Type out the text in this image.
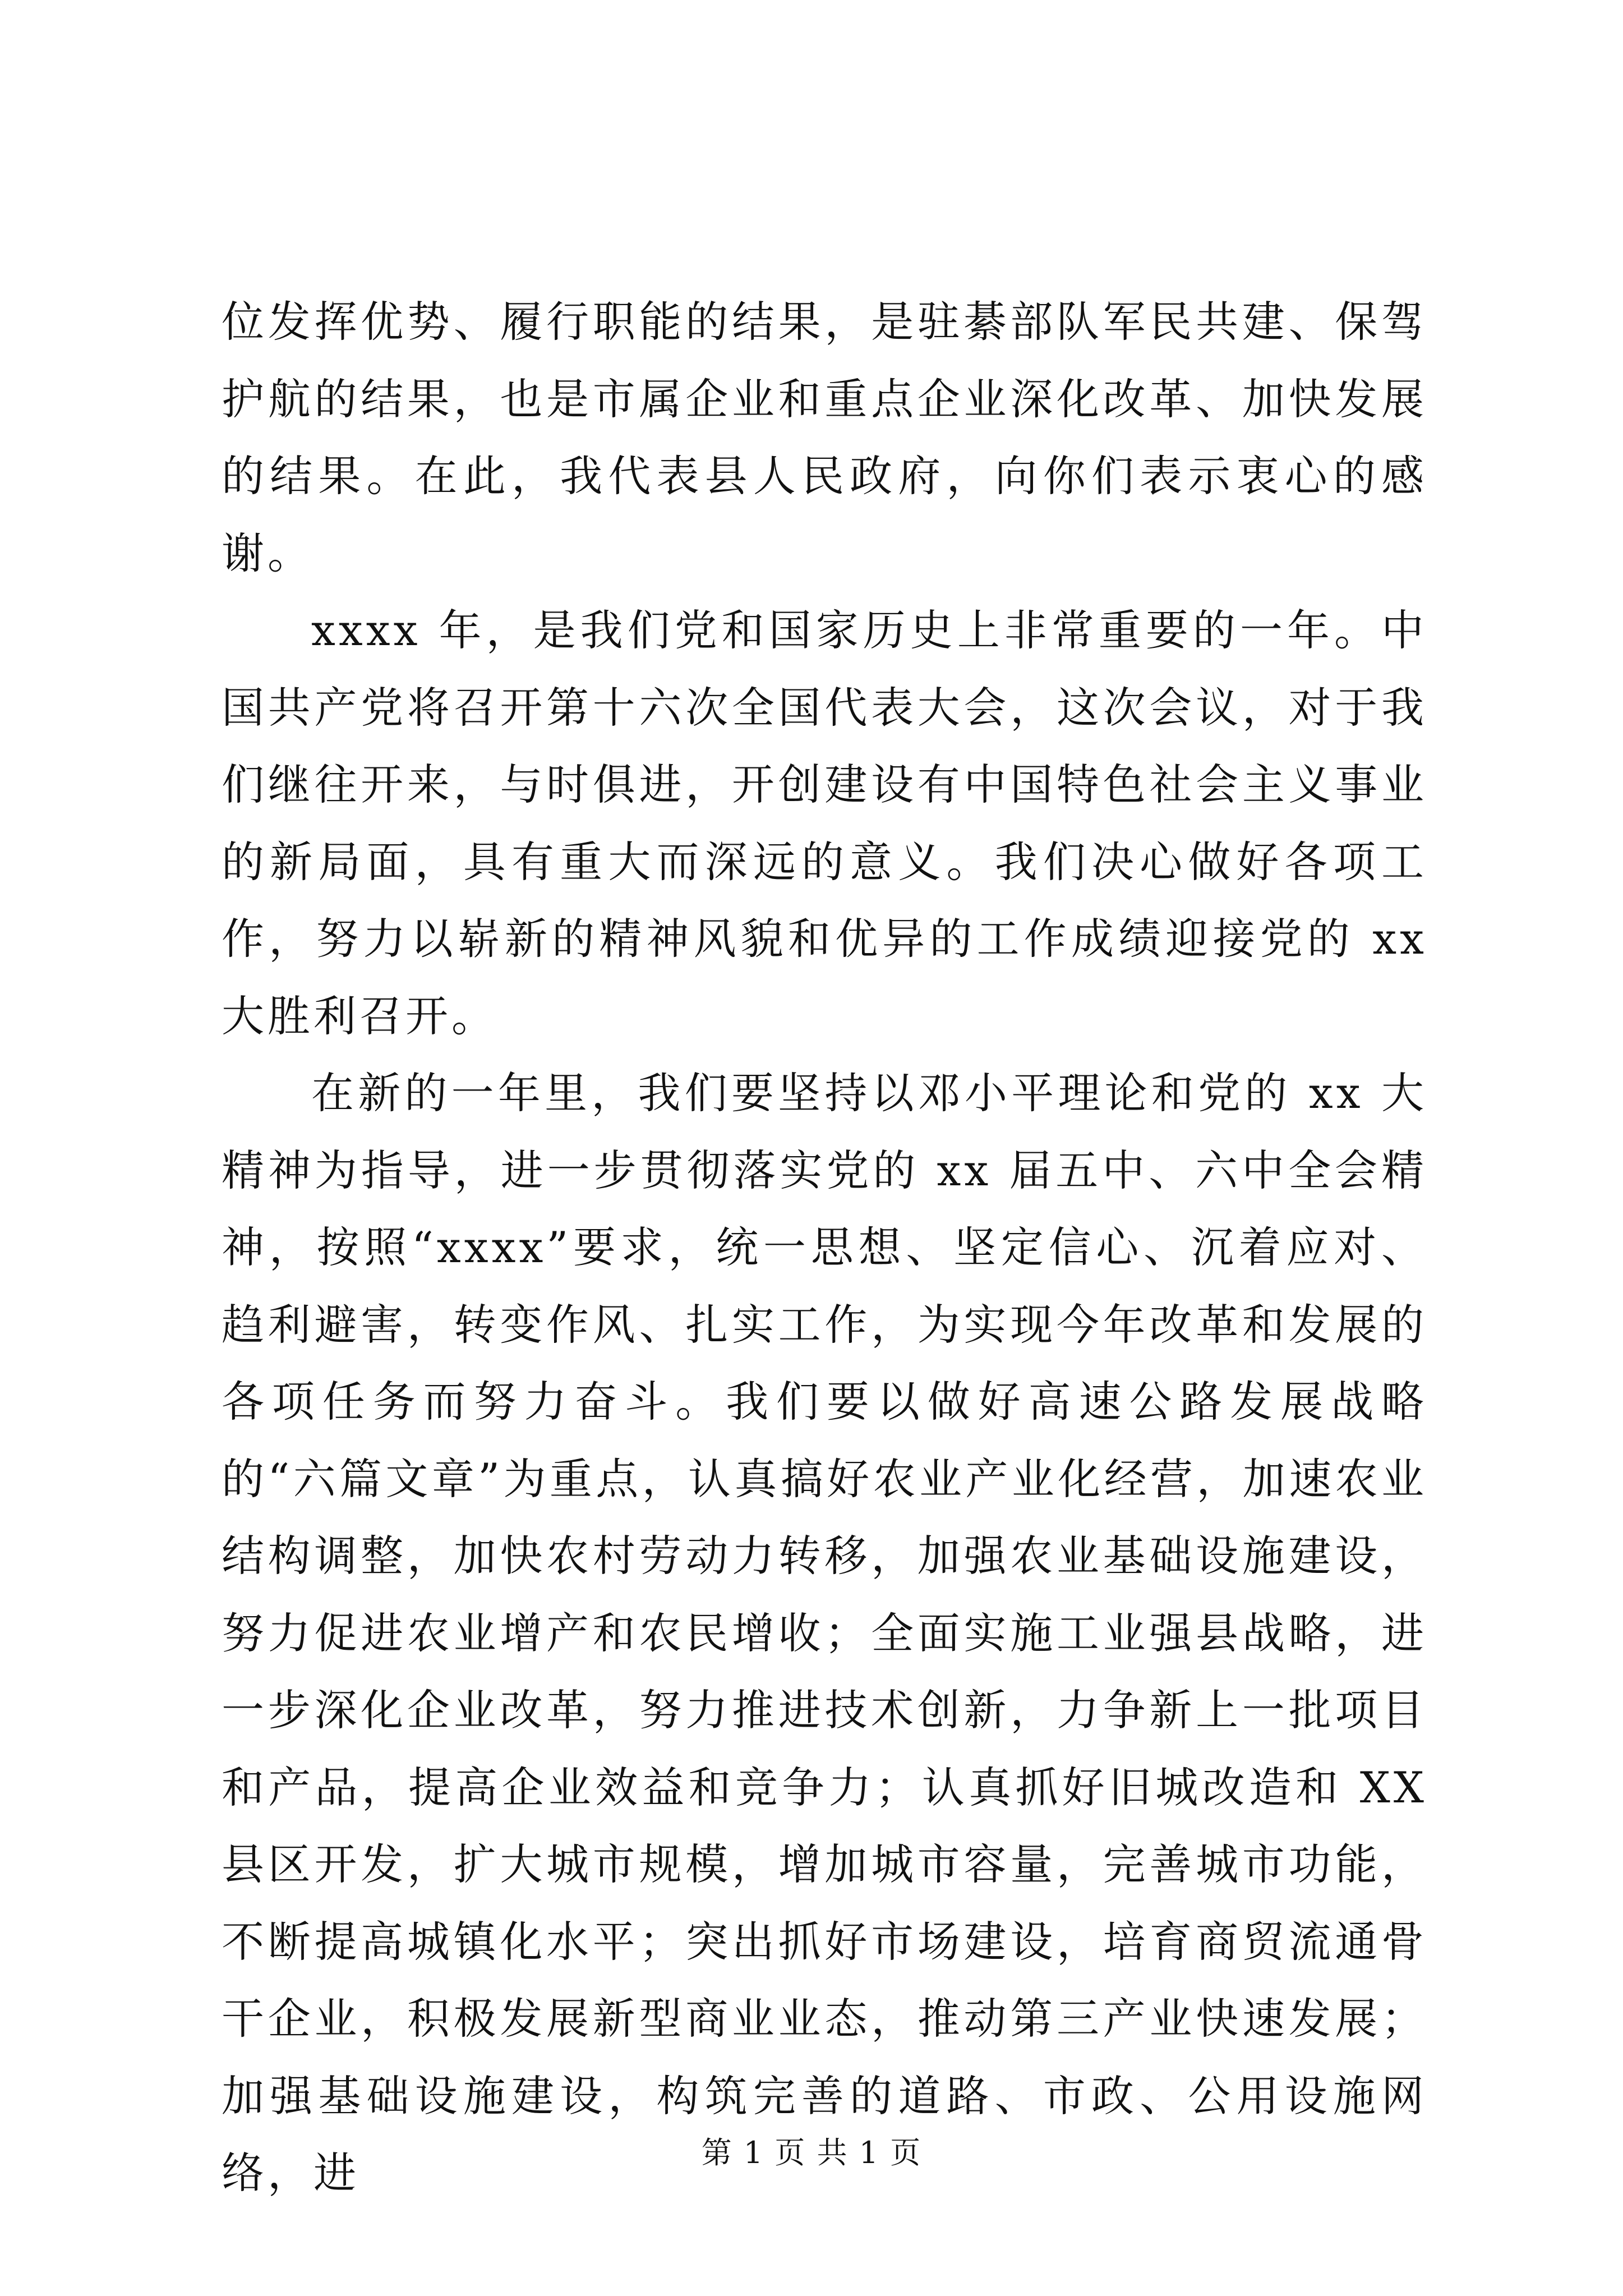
位发挥优势、履行职能的结果，是驻綦部队军民共建、保驾护航的结果，也是市属企业和重点企业深化改革、加快发展的结果。在此，我代表县人民政府，向你们表示衷心的感谢。

xxxx 年，是我们党和国家历史上非常重要的一年。中国共产党将召开第十六次全国代表大会，这次会议，对于我们继往开来，与时俱进，开创建设有中国特色社会主义事业的新局面，具有重大而深远的意义。我们决心做好各项工作，努力以崭新的精神风貌和优异的工作成绩迎接党的 xx 大胜利召开。

在新的一年里，我们要坚持以邓小平理论和党的 xx 大精神为指导，进一步贯彻落实党的 xx 届五中、六中全会精神，按照“xxxx”要求，统一思想、坚定信心、沉着应对、趋利避害，转变作风、扎实工作，为实现今年改革和发展的各项任务而努力奋斗。我们要以做好高速公路发展战略的“六篇文章”为重点，认真搞好农业产业化经营，加速农业结构调整，加快农村劳动力转移，加强农业基础设施建设，努力促进农业增产和农民增收；全面实施工业强县战略，进一步深化企业改革，努力推进技术创新，力争新上一批项目和产品，提高企业效益和竞争力；认真抓好旧城改造和 XX 县区开发，扩大城市规模，增加城市容量，完善城市功能，不断提高城镇化水平；突出抓好市场建设，培育商贸流通骨干企业，积极发展新型商业业态，推动第三产业快速发展；加强基础设施建设，构筑完善的道路、市政、公用设施网络，进	第 1 页 共 1 页
